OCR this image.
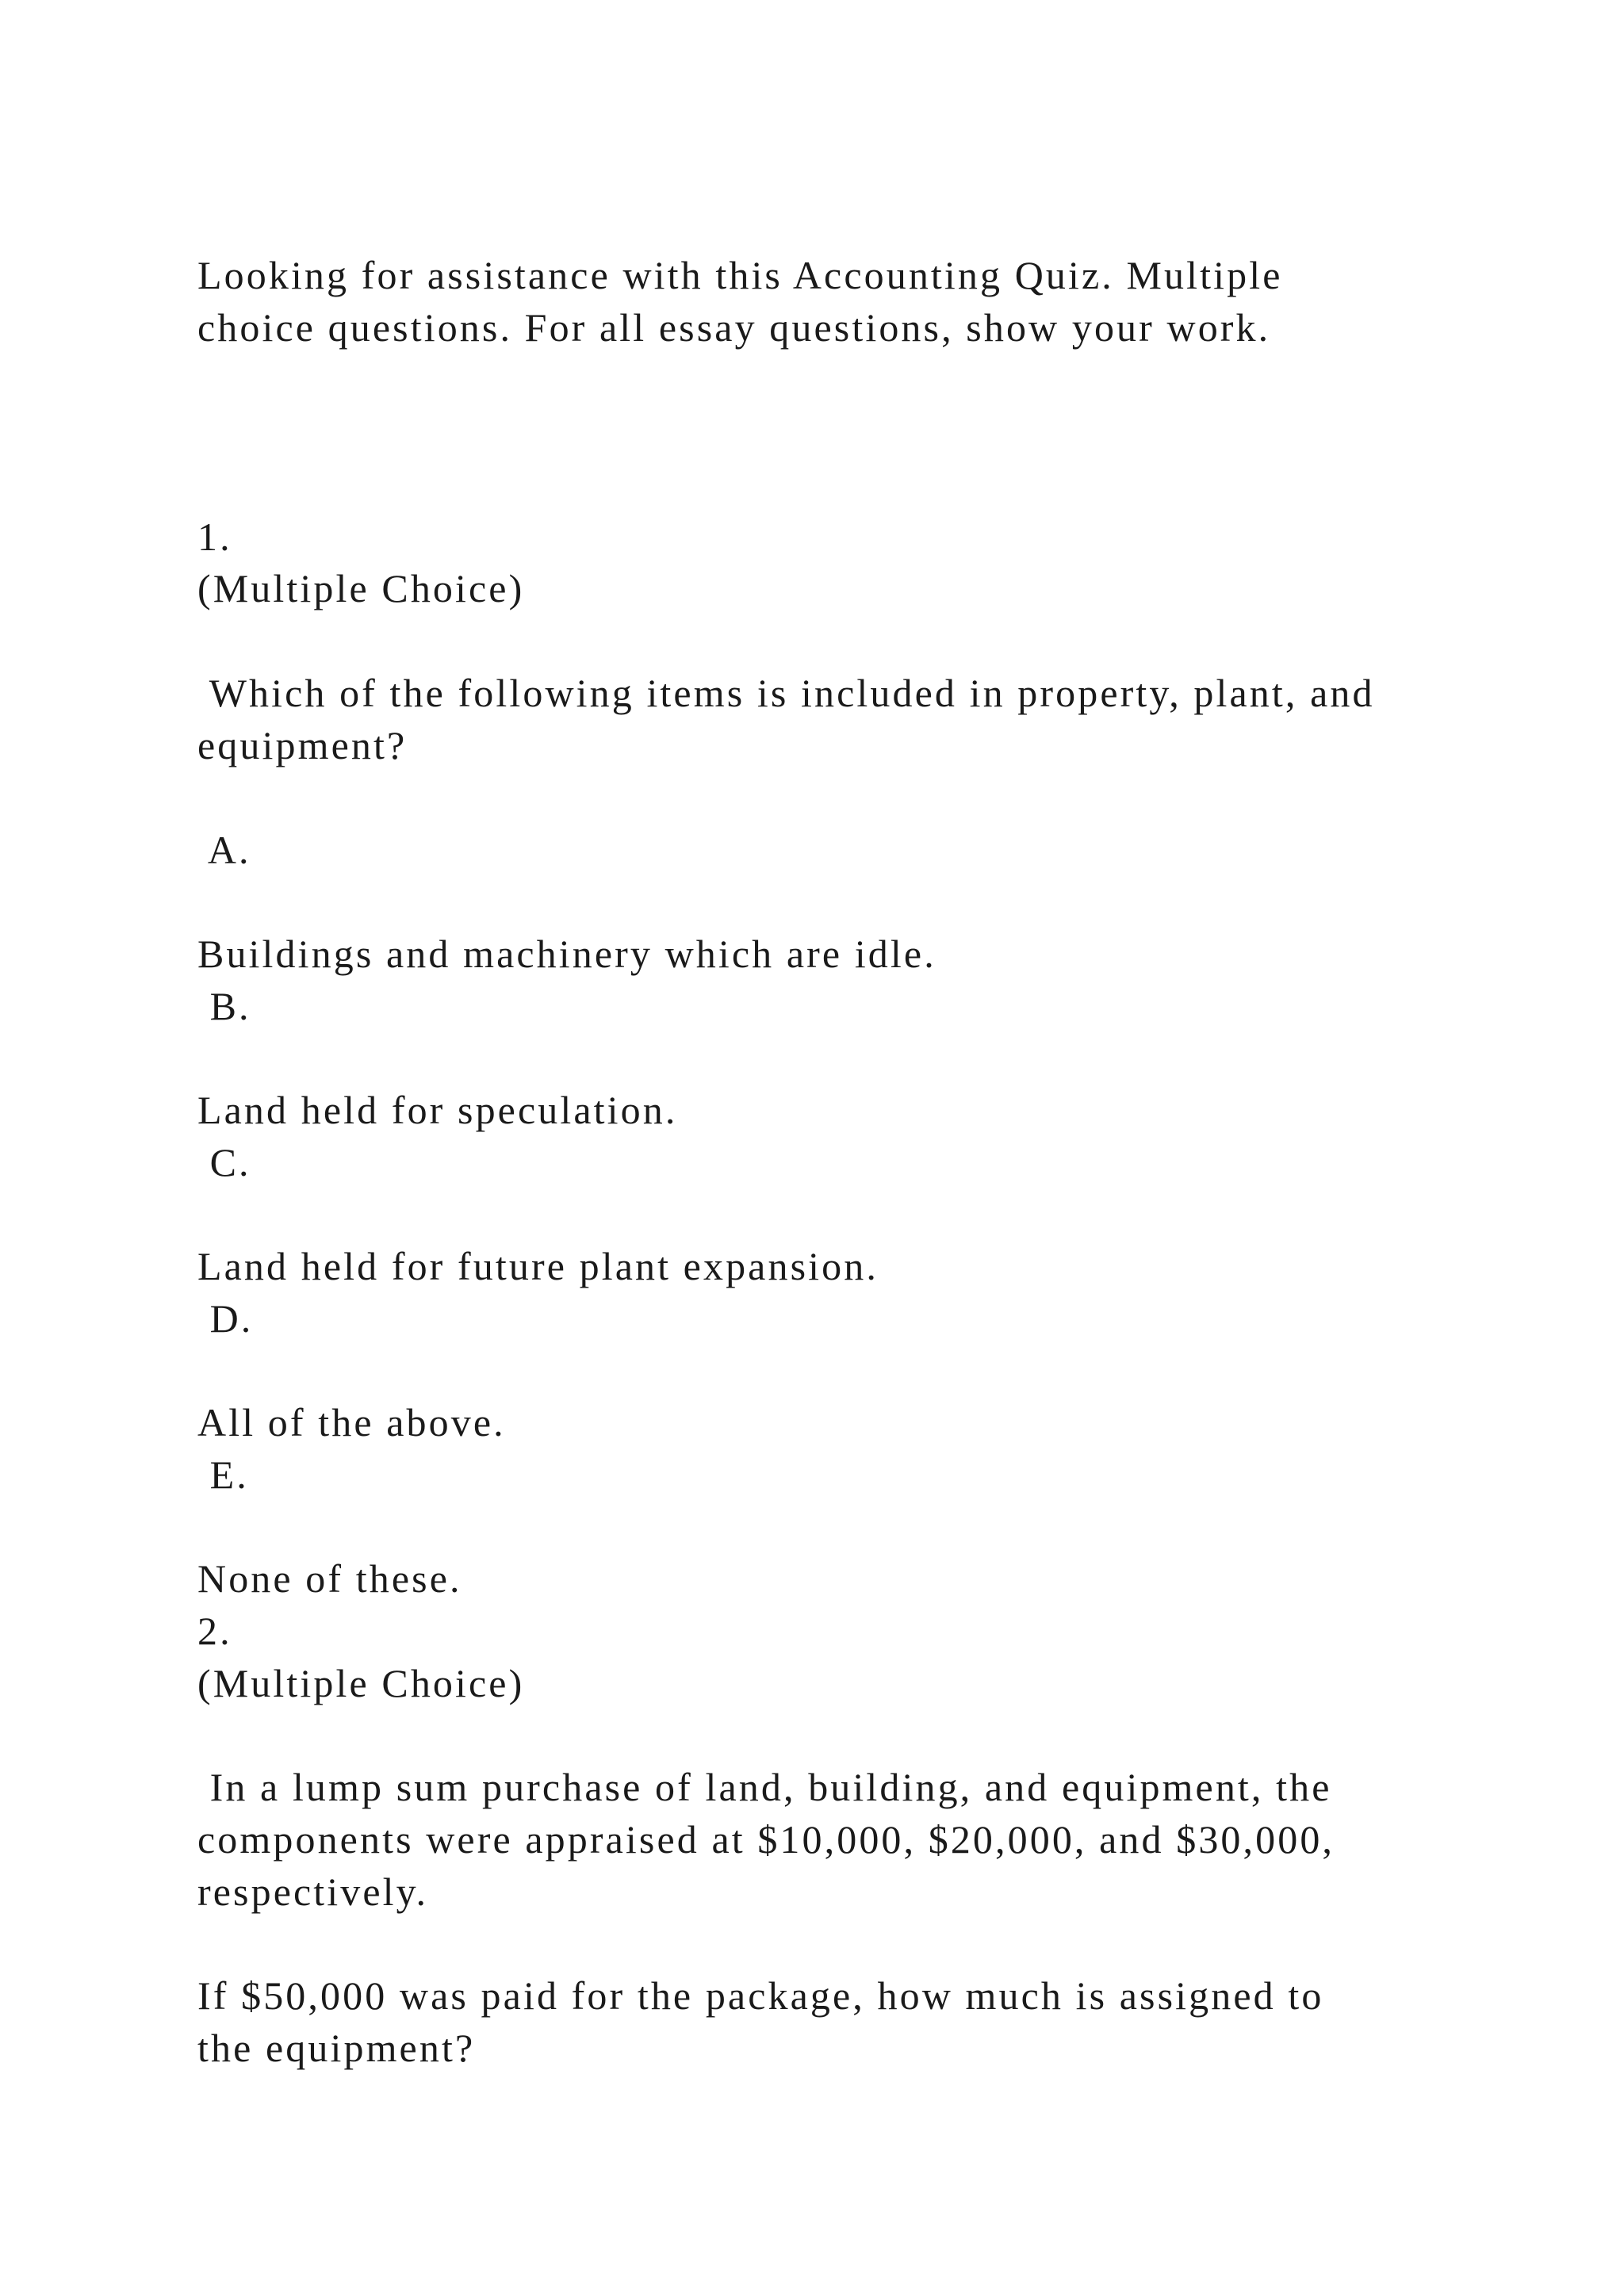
Looking for assistance with this Accounting Quiz. Multiple

choice questions. For all essay questions, show your work.

1.

(Multiple Choice)

Which of the following items is included in property, plant, and

equipment?

A.

Buildings and machinery which are idle.

B.

Land held for speculation.

C.

Land held for future plant expansion.

D.

All of the above.

E.

None of these.

2.

(Multiple Choice)

In a lump sum purchase of land, building, and equipment, the

components were appraised at $10,000, $20,000, and $30,000,

respectively.

If $50,000 was paid for the package, how much is assigned to

the equipment?
